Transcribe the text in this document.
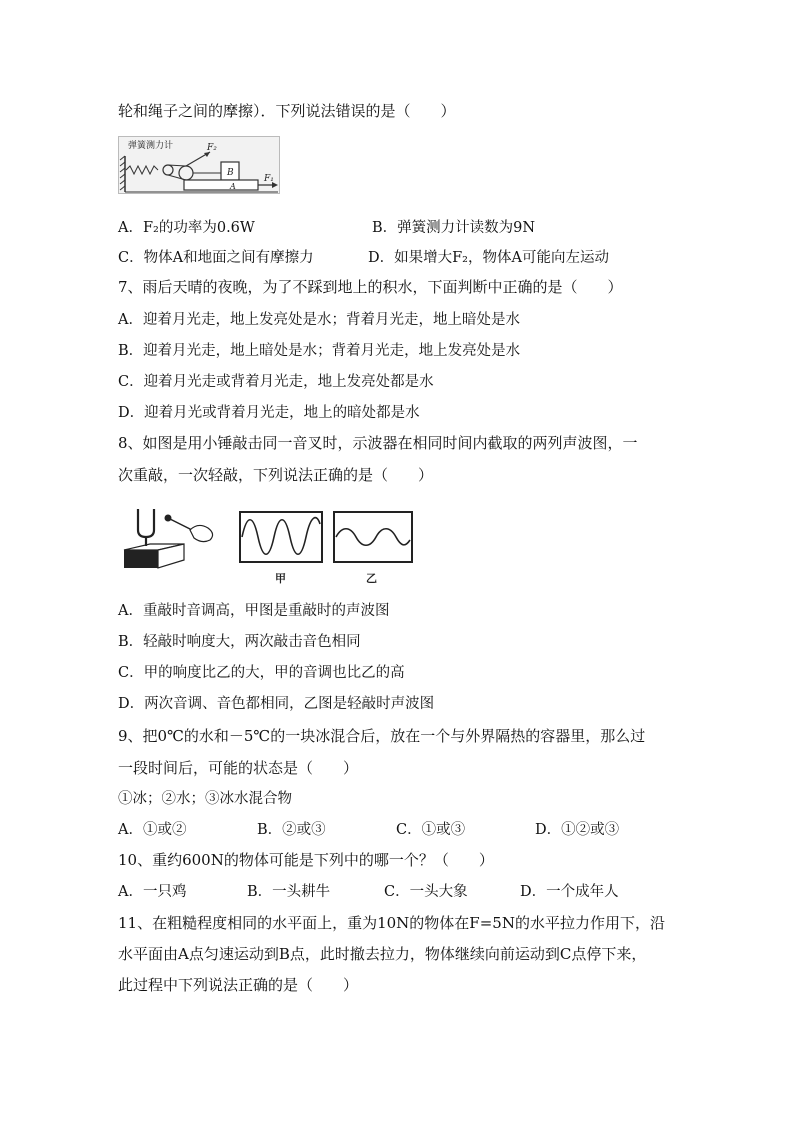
轮和绳子之间的摩擦）．下列说法错误的是（　　）
弹簧测力计	F₂
B
A
F₁
A．F₂的功率为0.6W	B．弹簧测力计读数为9N
C．物体A和地面之间有摩擦力	D．如果增大F₂，物体A可能向左运动
7、雨后天晴的夜晚，为了不踩到地上的积水，下面判断中正确的是（　　）
A．迎着月光走，地上发亮处是水；背着月光走，地上暗处是水
B．迎着月光走，地上暗处是水；背着月光走，地上发亮处是水
C．迎着月光走或背着月光走，地上发亮处都是水
D．迎着月光或背着月光走，地上的暗处都是水
8、如图是用小锤敲击同一音叉时，示波器在相同时间内截取的两列声波图，一
次重敲，一次轻敲，下列说法正确的是（　　）
甲	乙
A．重敲时音调高，甲图是重敲时的声波图
B．轻敲时响度大，两次敲击音色相同
C．甲的响度比乙的大，甲的音调也比乙的高
D．两次音调、音色都相同，乙图是轻敲时声波图
9、把0℃的水和－5℃的一块冰混合后，放在一个与外界隔热的容器里，那么过
一段时间后，可能的状态是（　　）
①冰；②水；③冰水混合物
A．①或②	B．②或③	C．①或③	D．①②或③
10、重约600N的物体可能是下列中的哪一个？（　　）
A．一只鸡	B．一头耕牛	C．一头大象	D．一个成年人
11、在粗糙程度相同的水平面上，重为10N的物体在F=5N的水平拉力作用下，沿
水平面由A点匀速运动到B点，此时撤去拉力，物体继续向前运动到C点停下来，
此过程中下列说法正确的是（　　）
